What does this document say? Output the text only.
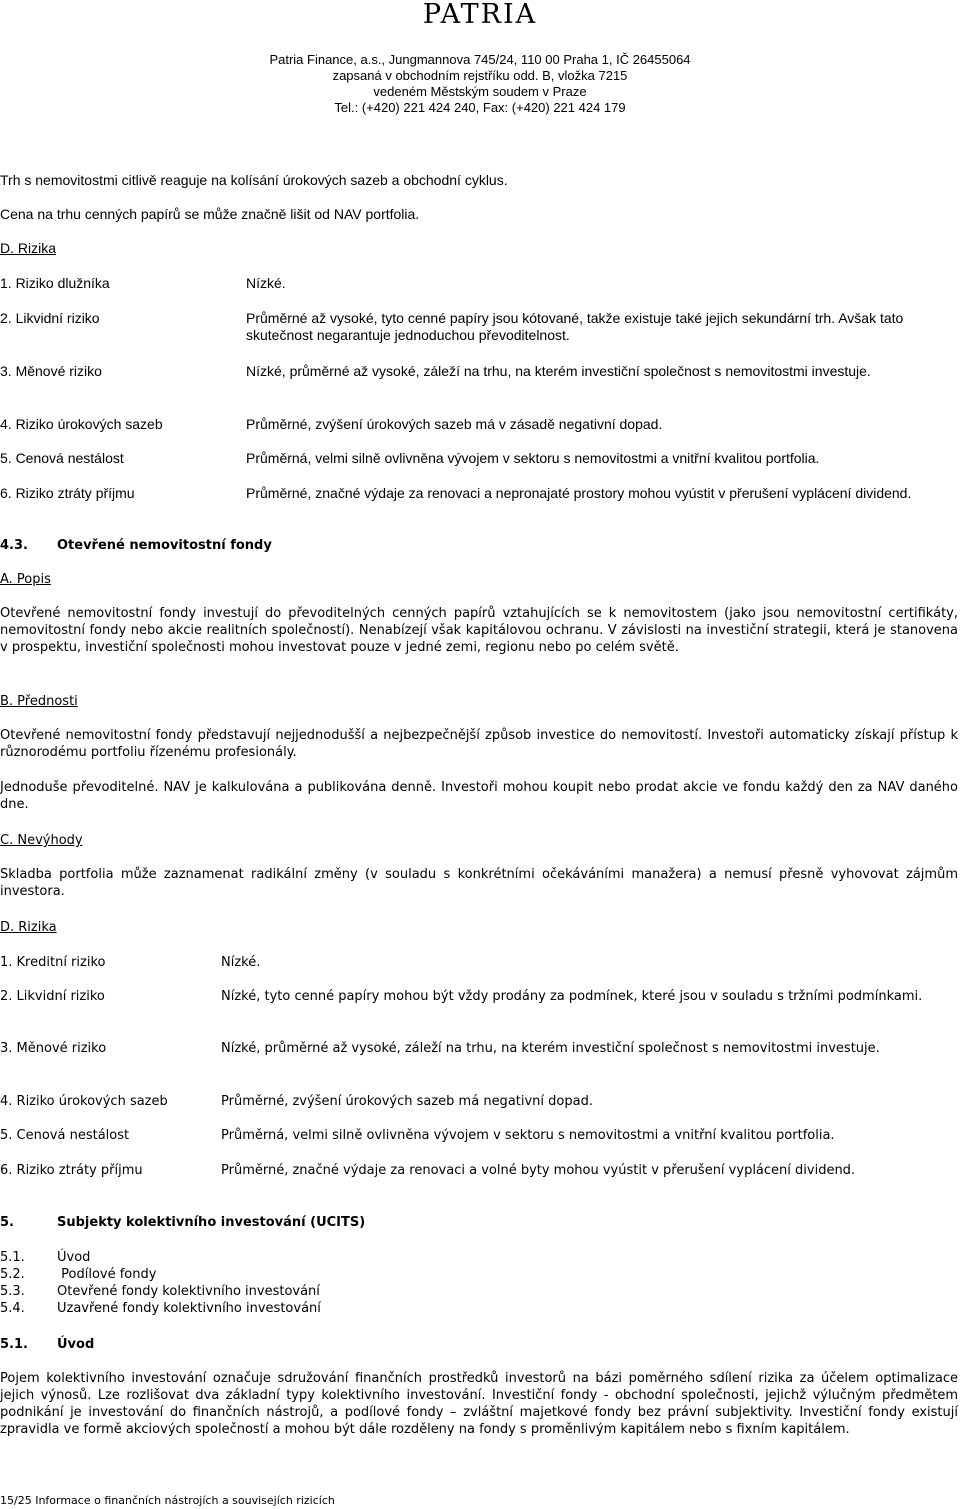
PATRIA
Patria Finance, a.s., Jungmannova 745/24, 110 00 Praha 1, IČ 26455064
zapsaná v obchodním rejstříku odd. B, vložka 7215
vedeném Městským soudem v Praze
Tel.: (+420) 221 424 240, Fax: (+420) 221 424 179
Trh s nemovitostmi citlivě reaguje na kolísání úrokových sazeb a obchodní cyklus.
Cena na trhu cenných papírů se může značně lišit od NAV portfolia.
D. Rizika
1. Riziko dlužníka	Nízké.
2. Likvidní riziko	Průměrné až vysoké, tyto cenné papíry jsou kótované, takže existuje také jejich sekundární trh. Avšak tato skutečnost negarantuje jednoduchou převoditelnost.
3. Měnové riziko	Nízké, průměrné až vysoké, záleží na trhu, na kterém investiční společnost s nemovitostmi investuje.
4. Riziko úrokových sazeb	Průměrné, zvýšení úrokových sazeb má v zásadě negativní dopad.
5. Cenová nestálost	Průměrná, velmi silně ovlivněna vývojem v sektoru s nemovitostmi a vnitřní kvalitou portfolia.
6. Riziko ztráty příjmu	Průměrné, značné výdaje za renovaci a nepronajaté prostory mohou vyústit v přerušení vyplácení dividend.
4.3. Otevřené nemovitostní fondy
A. Popis
Otevřené nemovitostní fondy investují do převoditelných cenných papírů vztahujících se k nemovitostem (jako jsou nemovitostní certifikáty, nemovitostní fondy nebo akcie realitních společností). Nenabízejí však kapitálovou ochranu. V závislosti na investiční strategii, která je stanovena v prospektu, investiční společnosti mohou investovat pouze v jedné zemi, regionu nebo po celém světě.
B. Přednosti
Otevřené nemovitostní fondy představují nejjednodušší a nejbezpečnější způsob investice do nemovitostí. Investoři automaticky získají přístup k různorodému portfoliu řízenému profesionály.
Jednoduše převoditelné. NAV je kalkulována a publikována denně. Investoři mohou koupit nebo prodat akcie ve fondu každý den za NAV daného dne.
C. Nevýhody
Skladba portfolia může zaznamenat radikální změny (v souladu s konkrétními očekáváními manažera) a nemusí přesně vyhovovat zájmům investora.
D. Rizika
1. Kreditní riziko	Nízké.
2. Likvidní riziko	Nízké, tyto cenné papíry mohou být vždy prodány za podmínek, které jsou v souladu s tržními podmínkami.
3. Měnové riziko	Nízké, průměrné až vysoké, záleží na trhu, na kterém investiční společnost s nemovitostmi investuje.
4. Riziko úrokových sazeb	Průměrné, zvýšení úrokových sazeb má negativní dopad.
5. Cenová nestálost	Průměrná, velmi silně ovlivněna vývojem v sektoru s nemovitostmi a vnitřní kvalitou portfolia.
6. Riziko ztráty příjmu	Průměrné, značné výdaje za renovaci a volné byty mohou vyústit v přerušení vyplácení dividend.
5.	Subjekty kolektivního investování (UCITS)
5.1. Úvod
5.2. Podílové fondy
5.3. Otevřené fondy kolektivního investování
5.4. Uzavřené fondy kolektivního investování
5.1. Úvod
Pojem kolektivního investování označuje sdružování finančních prostředků investorů na bázi poměrného sdílení rizika za účelem optimalizace jejich výnosů. Lze rozlišovat dva základní typy kolektivního investování. Investiční fondy - obchodní společnosti, jejichž výlučným předmětem podnikání je investování do finančních nástrojů, a podílové fondy – zvláštní majetkové fondy bez právní subjektivity. Investiční fondy existují zpravidla ve formě akciových společností a mohou být dále rozděleny na fondy s proměnlivým kapitálem nebo s fixním kapitálem.
15/25 Informace o finančních nástrojích a souvisejích rizicích
